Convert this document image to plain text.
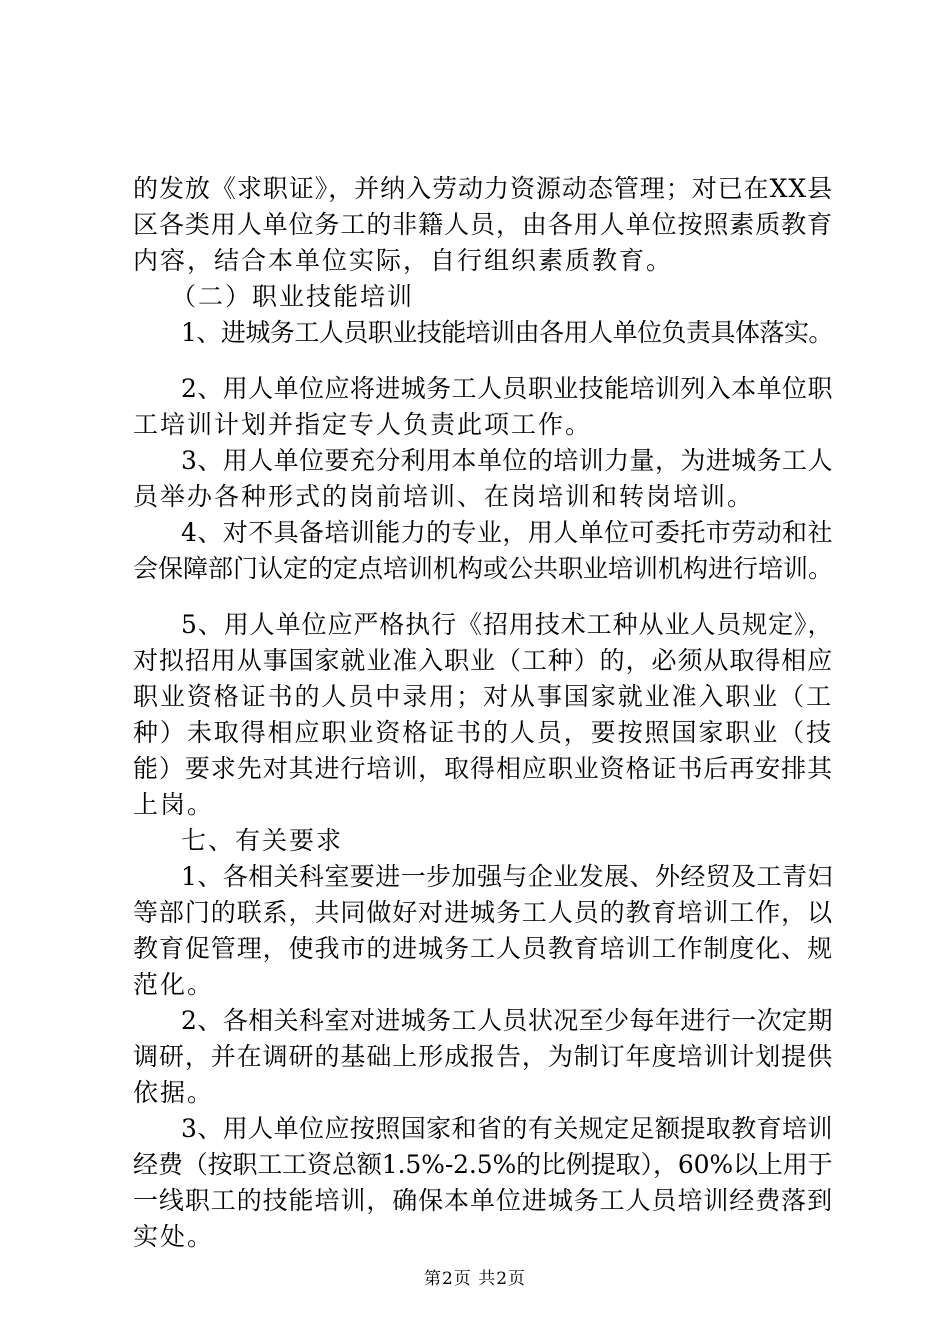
的发放《求职证》，并纳入劳动力资源动态管理；对已在XX县
区各类用人单位务工的非籍人员，由各用人单位按照素质教育
内容，结合本单位实际，自行组织素质教育。
（二）职业技能培训
1、进城务工人员职业技能培训由各用人单位负责具体落实。
2、用人单位应将进城务工人员职业技能培训列入本单位职
工培训计划并指定专人负责此项工作。
3、用人单位要充分利用本单位的培训力量，为进城务工人
员举办各种形式的岗前培训、在岗培训和转岗培训。
4、对不具备培训能力的专业，用人单位可委托市劳动和社
会保障部门认定的定点培训机构或公共职业培训机构进行培训。
5、用人单位应严格执行《招用技术工种从业人员规定》，
对拟招用从事国家就业准入职业（工种）的，必须从取得相应
职业资格证书的人员中录用；对从事国家就业准入职业（工
种）未取得相应职业资格证书的人员，要按照国家职业（技
能）要求先对其进行培训，取得相应职业资格证书后再安排其
上岗。
七、有关要求
1、各相关科室要进一步加强与企业发展、外经贸及工青妇
等部门的联系，共同做好对进城务工人员的教育培训工作，以
教育促管理，使我市的进城务工人员教育培训工作制度化、规
范化。
2、各相关科室对进城务工人员状况至少每年进行一次定期
调研，并在调研的基础上形成报告，为制订年度培训计划提供
依据。
3、用人单位应按照国家和省的有关规定足额提取教育培训
经费（按职工工资总额1.5%-2.5%的比例提取），60%以上用于
一线职工的技能培训，确保本单位进城务工人员培训经费落到
实处。
第2页 共2页
